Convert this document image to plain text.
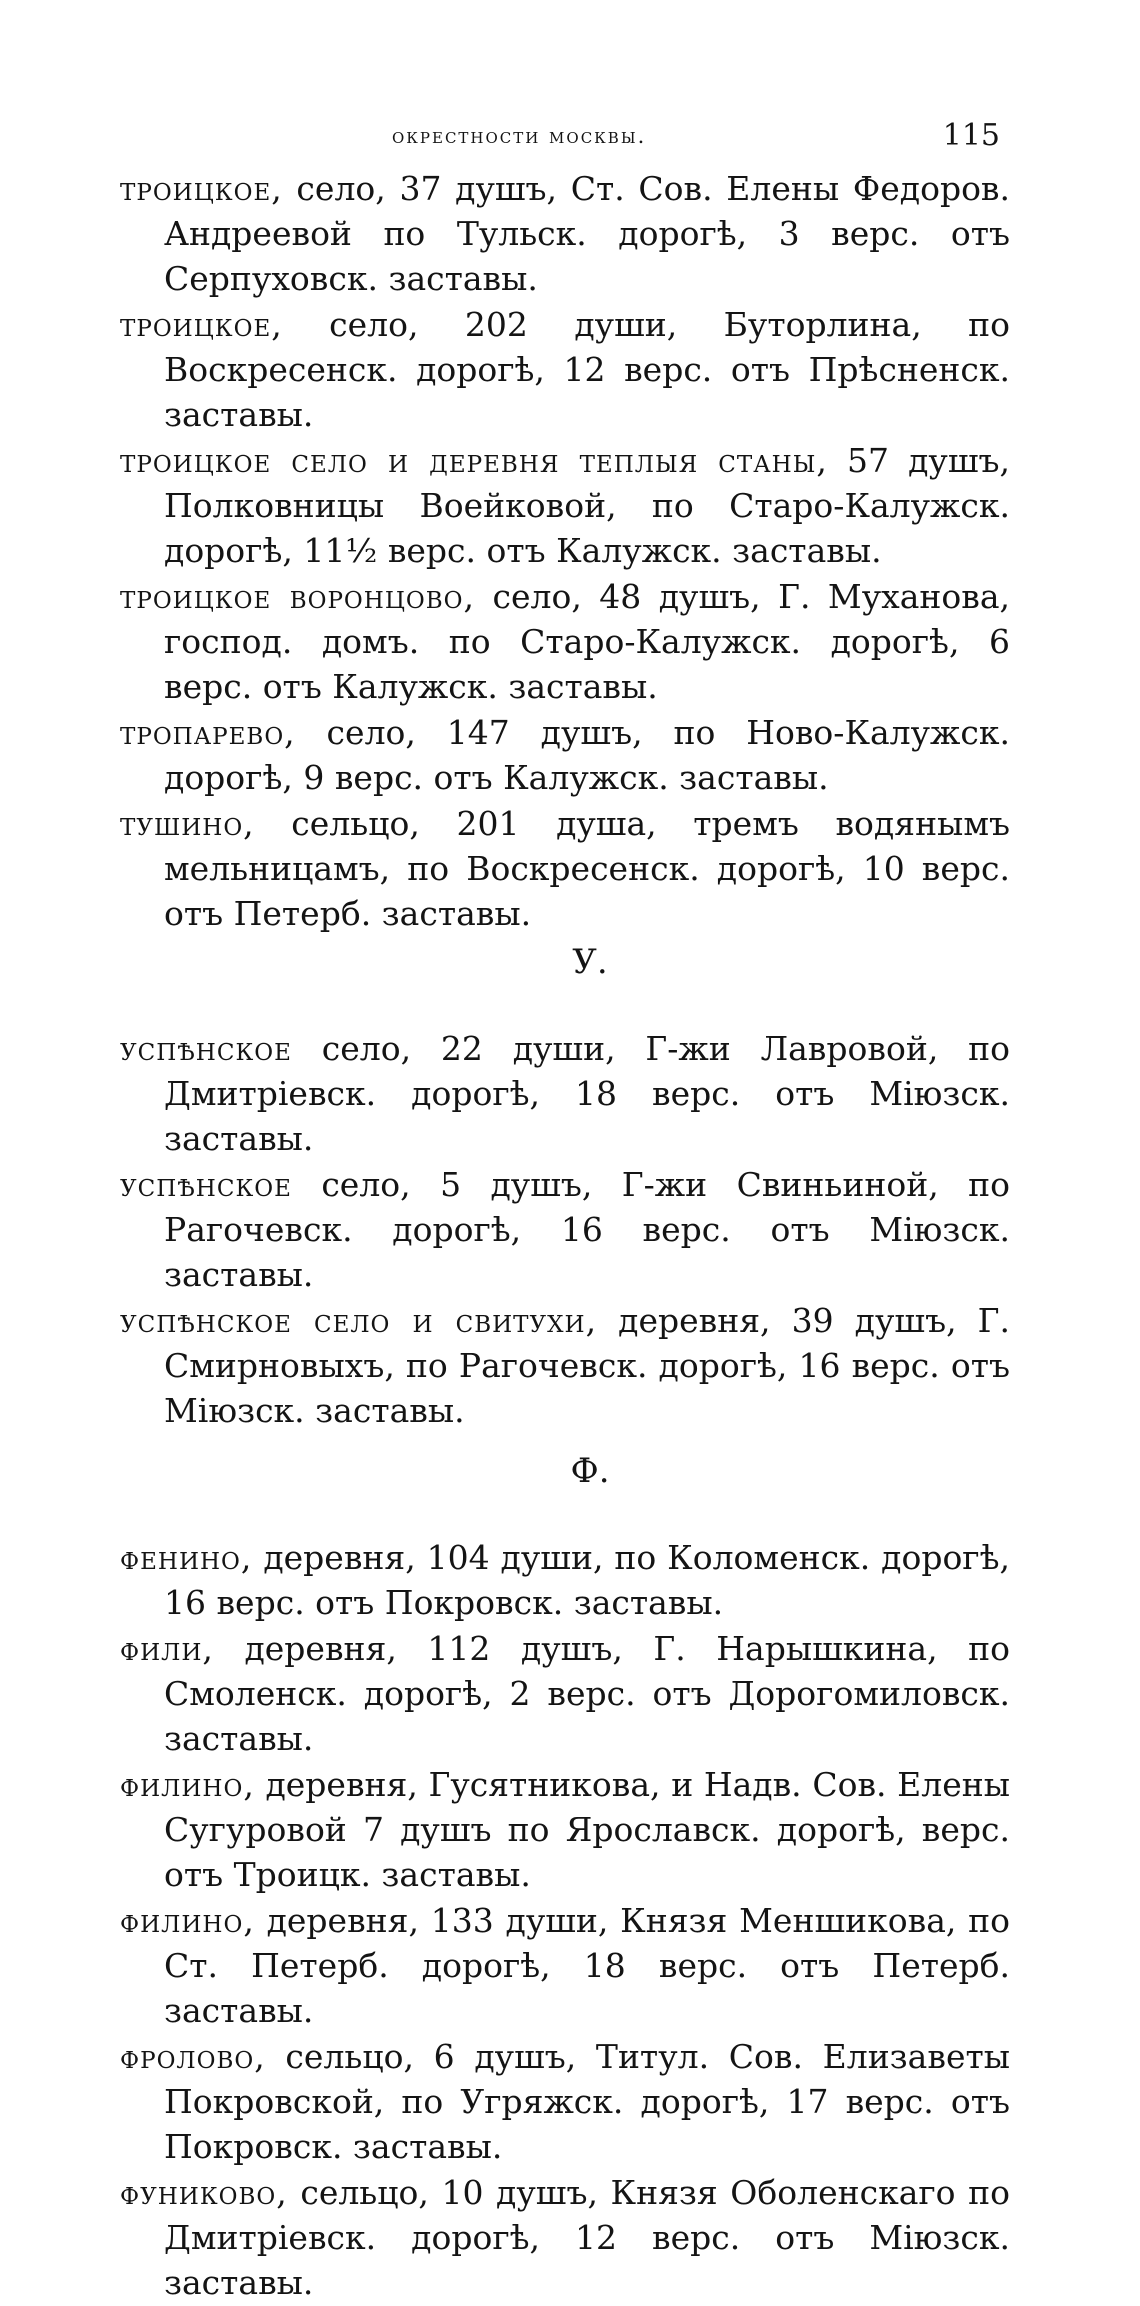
окрестности москвы.	115

троицкое, село, 37 душъ, Ст. Сов. Елены Федоров. Андреевой по Тульск. дорогѣ, 3 верс. отъ Серпуховск. заставы.

троицкое, село, 202 души, Буторлина, по Воскресенск. дорогѣ, 12 верс. отъ Прѣсненск. заставы.

троицкое село и деревня теплыя станы, 57 душъ, Полковницы Воейковой, по Старо-Калужск. дорогѣ, 11½ верс. отъ Калужск. заставы.

троицкое воронцово, село, 48 душъ, Г. Муханова, господ. домъ. по Старо-Калужск. дорогѣ, 6 верс. отъ Калужск. заставы.

тропарево, село, 147 душъ, по Ново-Калужск. дорогѣ, 9 верс. отъ Калужск. заставы.

тушино, сельцо, 201 душа, тремъ водянымъ мельницамъ, по Воскресенск. дорогѣ, 10 верс. отъ Петерб. заставы.

У.

успѣнское село, 22 души, Г-жи Лавровой, по Дмитріевск. дорогѣ, 18 верс. отъ Міюзск. заставы.

успѣнское село, 5 душъ, Г-жи Свиньиной, по Рагочевск. дорогѣ, 16 верс. отъ Міюзск. заставы.

успѣнское село и свитухи, деревня, 39 душъ, Г. Смирновыхъ, по Рагочевск. дорогѣ, 16 верс. отъ Міюзск. заставы.

Ф.

фенино, деревня, 104 души, по Коломенск. дорогѣ, 16 верс. отъ Покровск. заставы.

фили, деревня, 112 душъ, Г. Нарышкина, по Смоленск. дорогѣ, 2 верс. отъ Дорогомиловск. заставы.

филино, деревня, Гусятникова, и Надв. Сов. Елены Сугуровой 7 душъ по Ярославск. дорогѣ, верс. отъ Троицк. заставы.

филино, деревня, 133 души, Князя Меншикова, по Ст. Петерб. дорогѣ, 18 верс. отъ Петерб. заставы.

фролово, сельцо, 6 душъ, Титул. Сов. Елизаветы Покровской, по Угряжск. дорогѣ, 17 верс. отъ Покровск. заставы.

фуниково, сельцо, 10 душъ, Князя Оболенскаго по Дмитріевск. дорогѣ, 12 верс. отъ Міюзск. заставы.
